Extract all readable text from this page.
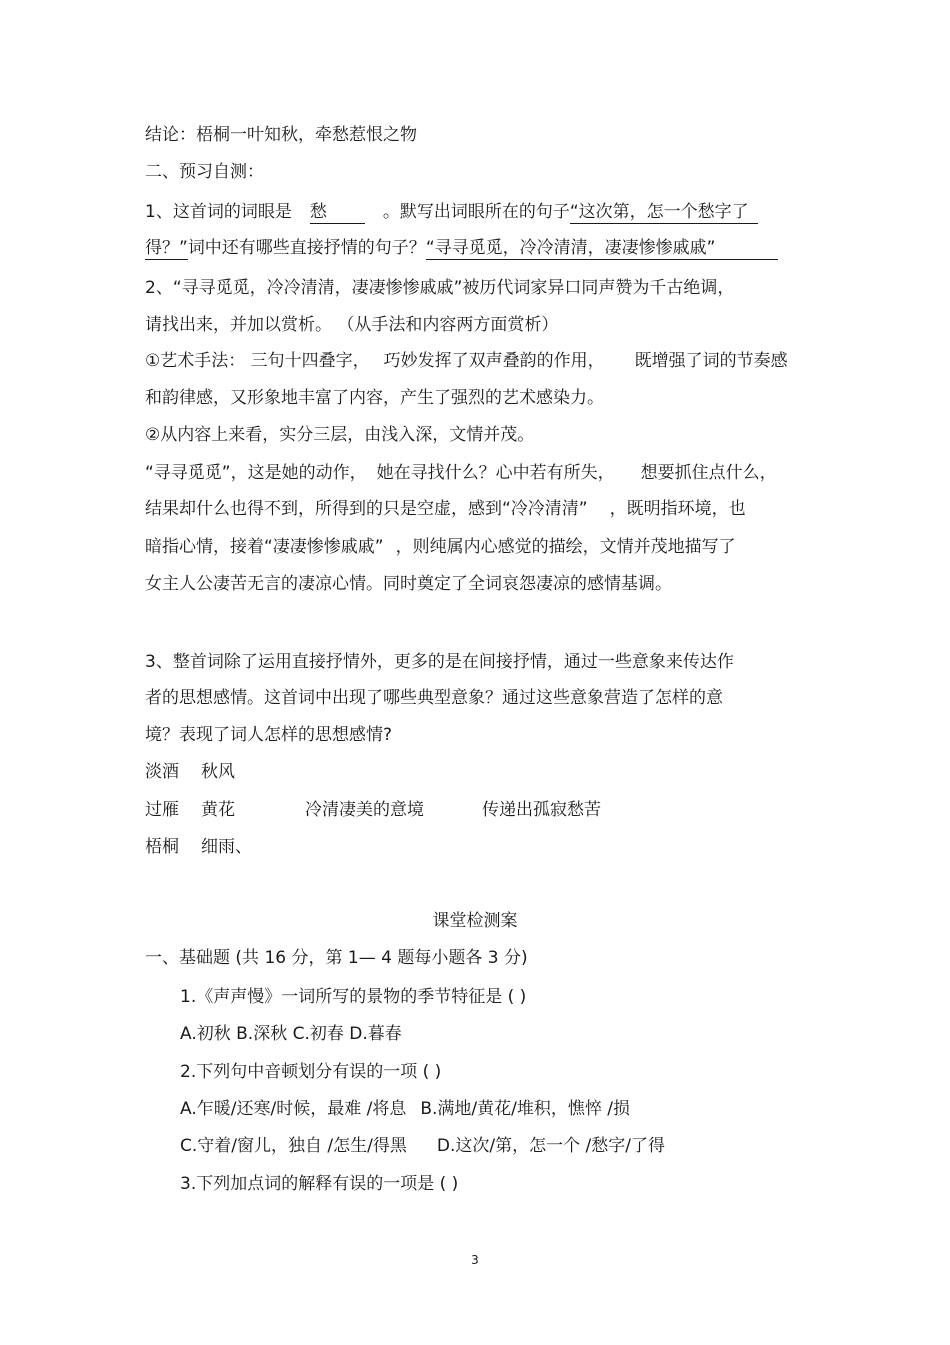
结论：梧桐一叶知秋，牵愁惹恨之物
二、预习自测：
1、这首词的词眼是 愁	。默写出词眼所在的句子“这次第，怎一个愁字了
得？”词中还有哪些直接抒情的句子？“寻寻觅觅，冷冷清清，凄凄惨惨戚戚”
2、“寻寻觅觅，冷冷清清，凄凄惨惨戚戚”被历代词家异口同声赞为千古绝调，
请找出来，并加以赏析。 （从手法和内容两方面赏析）
①艺术手法： 三句十四叠字， 巧妙发挥了双声叠韵的作用， 既增强了词的节奏感
和韵律感，又形象地丰富了内容，产生了强烈的艺术感染力。
②从内容上来看，实分三层，由浅入深，文情并茂。
“寻寻觅觅”，这是她的动作， 她在寻找什么？心中若有所失， 想要抓住点什么，
结果却什么也得不到，所得到的只是空虚，感到“冷冷清清” ，既明指环境，也
暗指心情，接着“凄凄惨惨戚戚” ，则纯属内心感觉的描绘，文情并茂地描写了
女主人公凄苦无言的凄凉心情。同时奠定了全词哀怨凄凉的感情基调。
3、整首词除了运用直接抒情外，更多的是在间接抒情，通过一些意象来传达作
者的思想感情。这首词中出现了哪些典型意象？通过这些意象营造了怎样的意
境？表现了词人怎样的思想感情?
淡酒 秋风
过雁 黄花	冷清凄美的意境	传递出孤寂愁苦
梧桐 细雨、
课堂检测案
一、基础题 (共 16 分，第 1— 4 题每小题各 3 分)
1.《声声慢》一词所写的景物的季节特征是 ( )
A.初秋 B.深秋 C.初春 D.暮春
2.下列句中音顿划分有误的一项 ( )
A.乍暖/还寒/时候，最难 /将息 B.满地/黄花/堆积，憔悴 /损
C.守着/窗儿，独自 /怎生/得黑 D.这次/第，怎一个 /愁字/了得
3.下列加点词的解释有误的一项是 ( )
3
